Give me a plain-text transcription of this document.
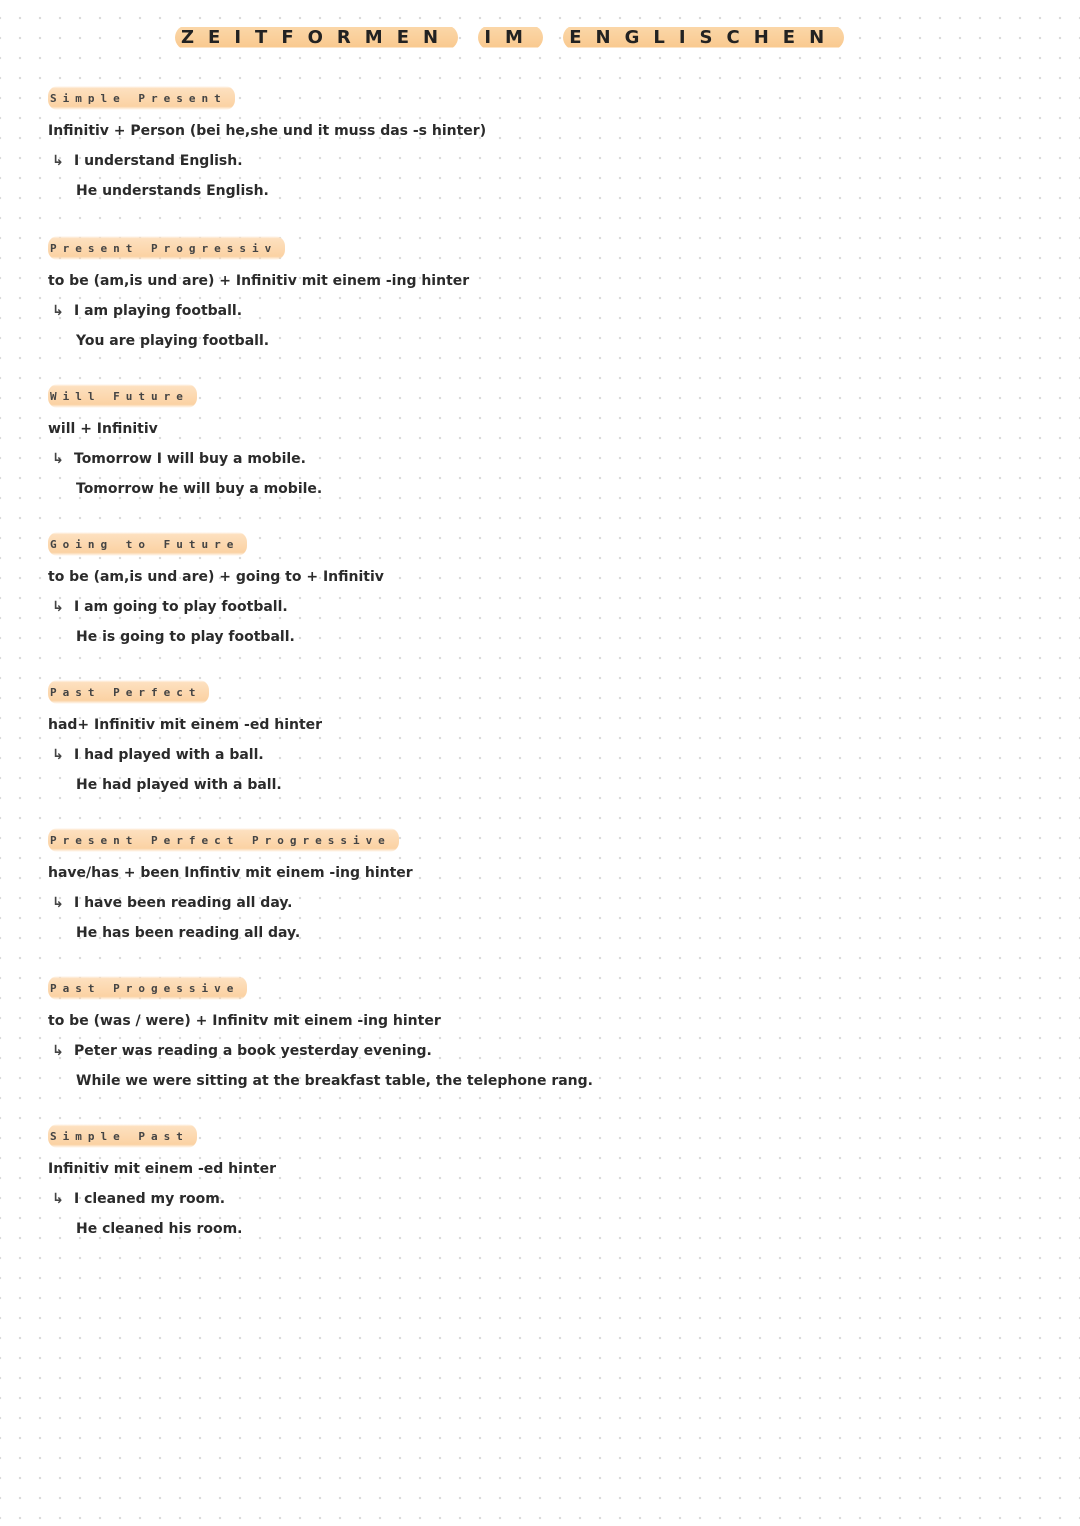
ZEITFORMEN IM ENGLISCHEN
Simple Present
Infinitiv + Person (bei he,she und it muss das -s hinter)
↳ I understand English.
He understands English.
Present Progressiv
to be (am,is und are) + Infinitiv mit einem -ing hinter
↳ I am playing football.
You are playing football.
Will Future
will + Infinitiv
↳ Tomorrow I will buy a mobile.
Tomorrow he will buy a mobile.
Going to Future
to be (am,is und are) + going to + Infinitiv
↳ I am going to play football.
He is going to play football.
Past Perfect
had+ Infinitiv mit einem -ed hinter
↳ I had played with a ball.
He had played with a ball.
Present Perfect Progressive
have/has + been Infintiv mit einem -ing hinter
↳ I have been reading all day.
He has been reading all day.
Past Progessive
to be (was / were) + Infinitv mit einem -ing hinter
↳ Peter was reading a book yesterday evening.
While we were sitting at the breakfast table, the telephone rang.
Simple Past
Infinitiv mit einem -ed hinter
↳ I cleaned my room.
He cleaned his room.
